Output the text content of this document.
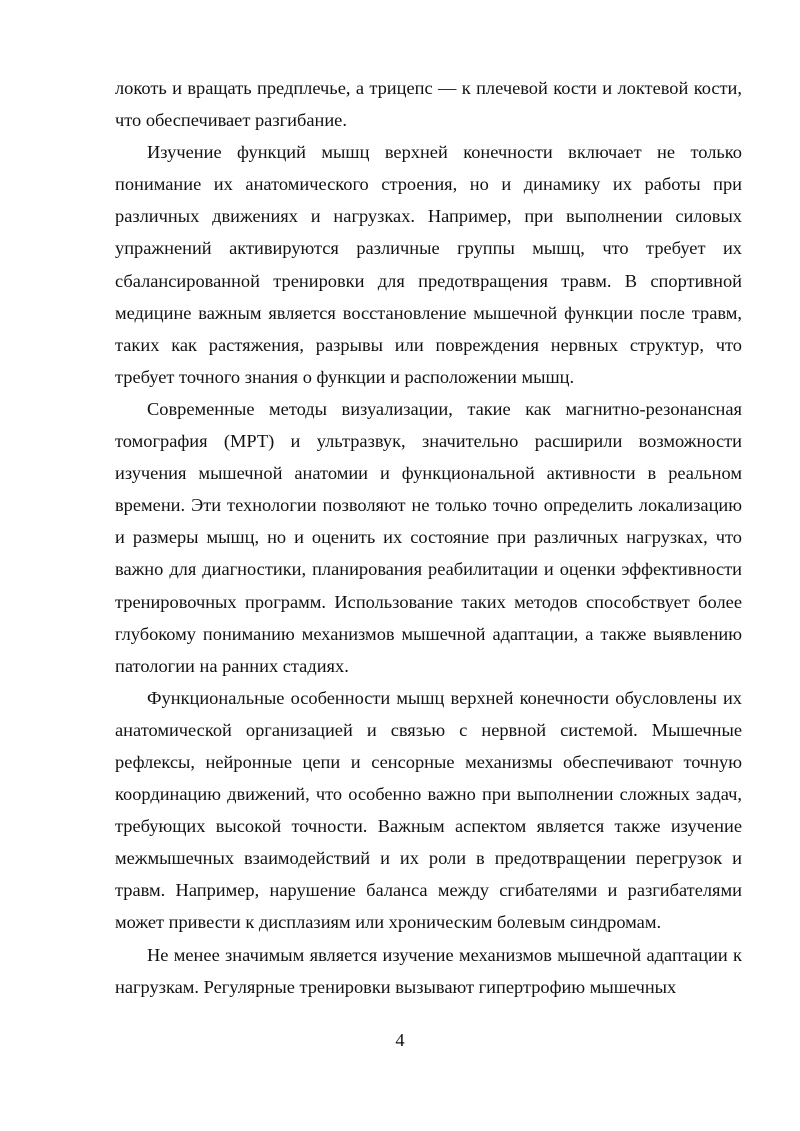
локоть и вращать предплечье, а трицепс — к плечевой кости и локтевой кости, что обеспечивает разгибание.

Изучение функций мышц верхней конечности включает не только понимание их анатомического строения, но и динамику их работы при различных движениях и нагрузках. Например, при выполнении силовых упражнений активируются различные группы мышц, что требует их сбалансированной тренировки для предотвращения травм. В спортивной медицине важным является восстановление мышечной функции после травм, таких как растяжения, разрывы или повреждения нервных структур, что требует точного знания о функции и расположении мышц.

Современные методы визуализации, такие как магнитно-резонансная томография (МРТ) и ультразвук, значительно расширили возможности изучения мышечной анатомии и функциональной активности в реальном времени. Эти технологии позволяют не только точно определить локализацию и размеры мышц, но и оценить их состояние при различных нагрузках, что важно для диагностики, планирования реабилитации и оценки эффективности тренировочных программ. Использование таких методов способствует более глубокому пониманию механизмов мышечной адаптации, а также выявлению патологии на ранних стадиях.

Функциональные особенности мышц верхней конечности обусловлены их анатомической организацией и связью с нервной системой. Мышечные рефлексы, нейронные цепи и сенсорные механизмы обеспечивают точную координацию движений, что особенно важно при выполнении сложных задач, требующих высокой точности. Важным аспектом является также изучение межмышечных взаимодействий и их роли в предотвращении перегрузок и травм. Например, нарушение баланса между сгибателями и разгибателями может привести к дисплазиям или хроническим болевым синдромам.

Не менее значимым является изучение механизмов мышечной адаптации к нагрузкам. Регулярные тренировки вызывают гипертрофию мышечных

4
